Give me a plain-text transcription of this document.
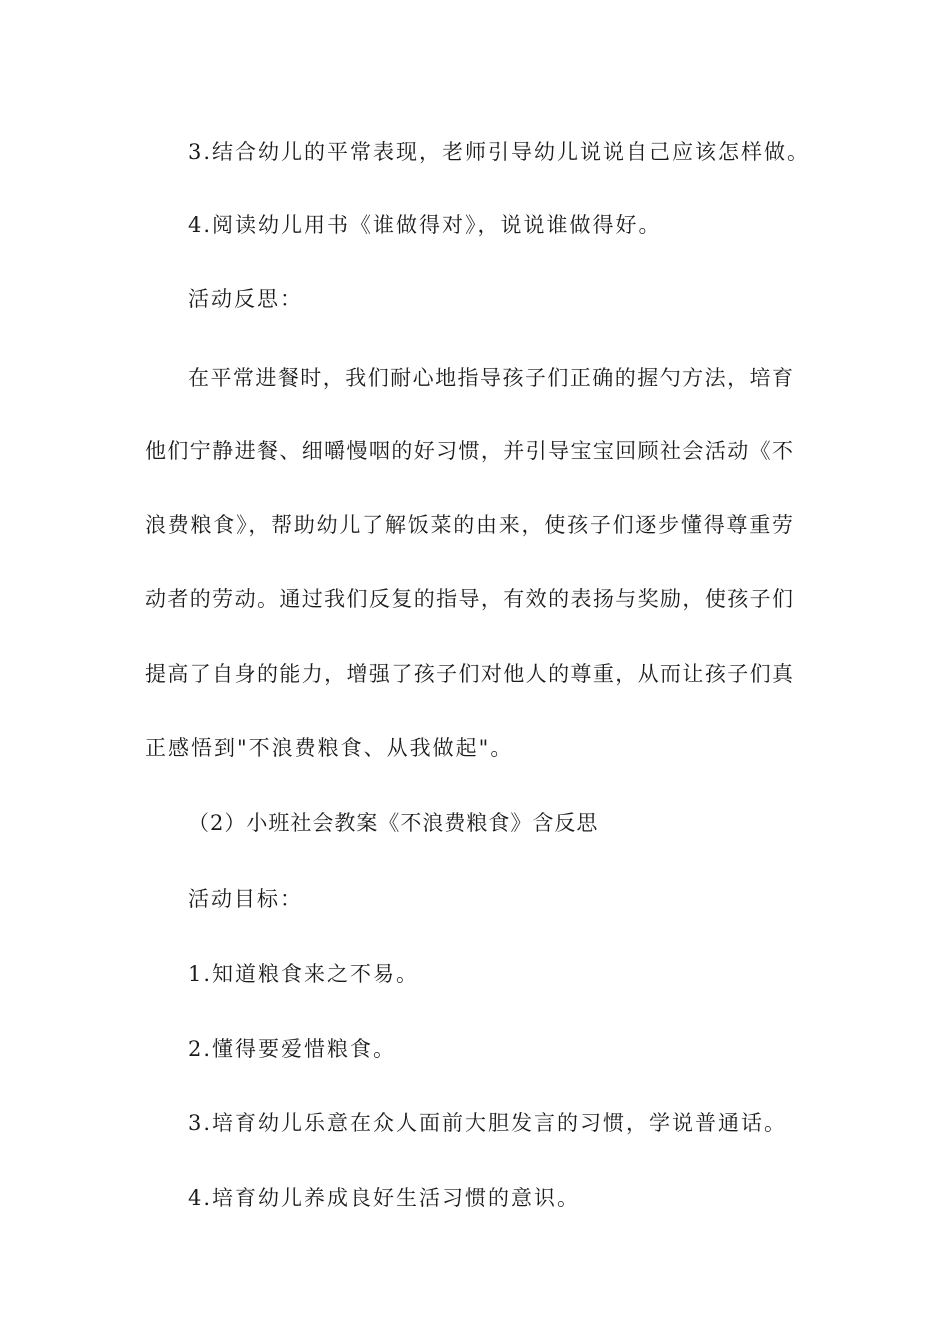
3.结合幼儿的平常表现，老师引导幼儿说说自己应该怎样做。
4.阅读幼儿用书《谁做得对》，说说谁做得好。
活动反思：
在平常进餐时，我们耐心地指导孩子们正确的握勺方法，培育
他们宁静进餐、细嚼慢咽的好习惯，并引导宝宝回顾社会活动《不
浪费粮食》，帮助幼儿了解饭菜的由来，使孩子们逐步懂得尊重劳
动者的劳动。通过我们反复的指导，有效的表扬与奖励，使孩子们
提高了自身的能力，增强了孩子们对他人的尊重，从而让孩子们真
正感悟到"不浪费粮食、从我做起"。
（2）小班社会教案《不浪费粮食》含反思
活动目标：
1.知道粮食来之不易。
2.懂得要爱惜粮食。
3.培育幼儿乐意在众人面前大胆发言的习惯，学说普通话。
4.培育幼儿养成良好生活习惯的意识。
